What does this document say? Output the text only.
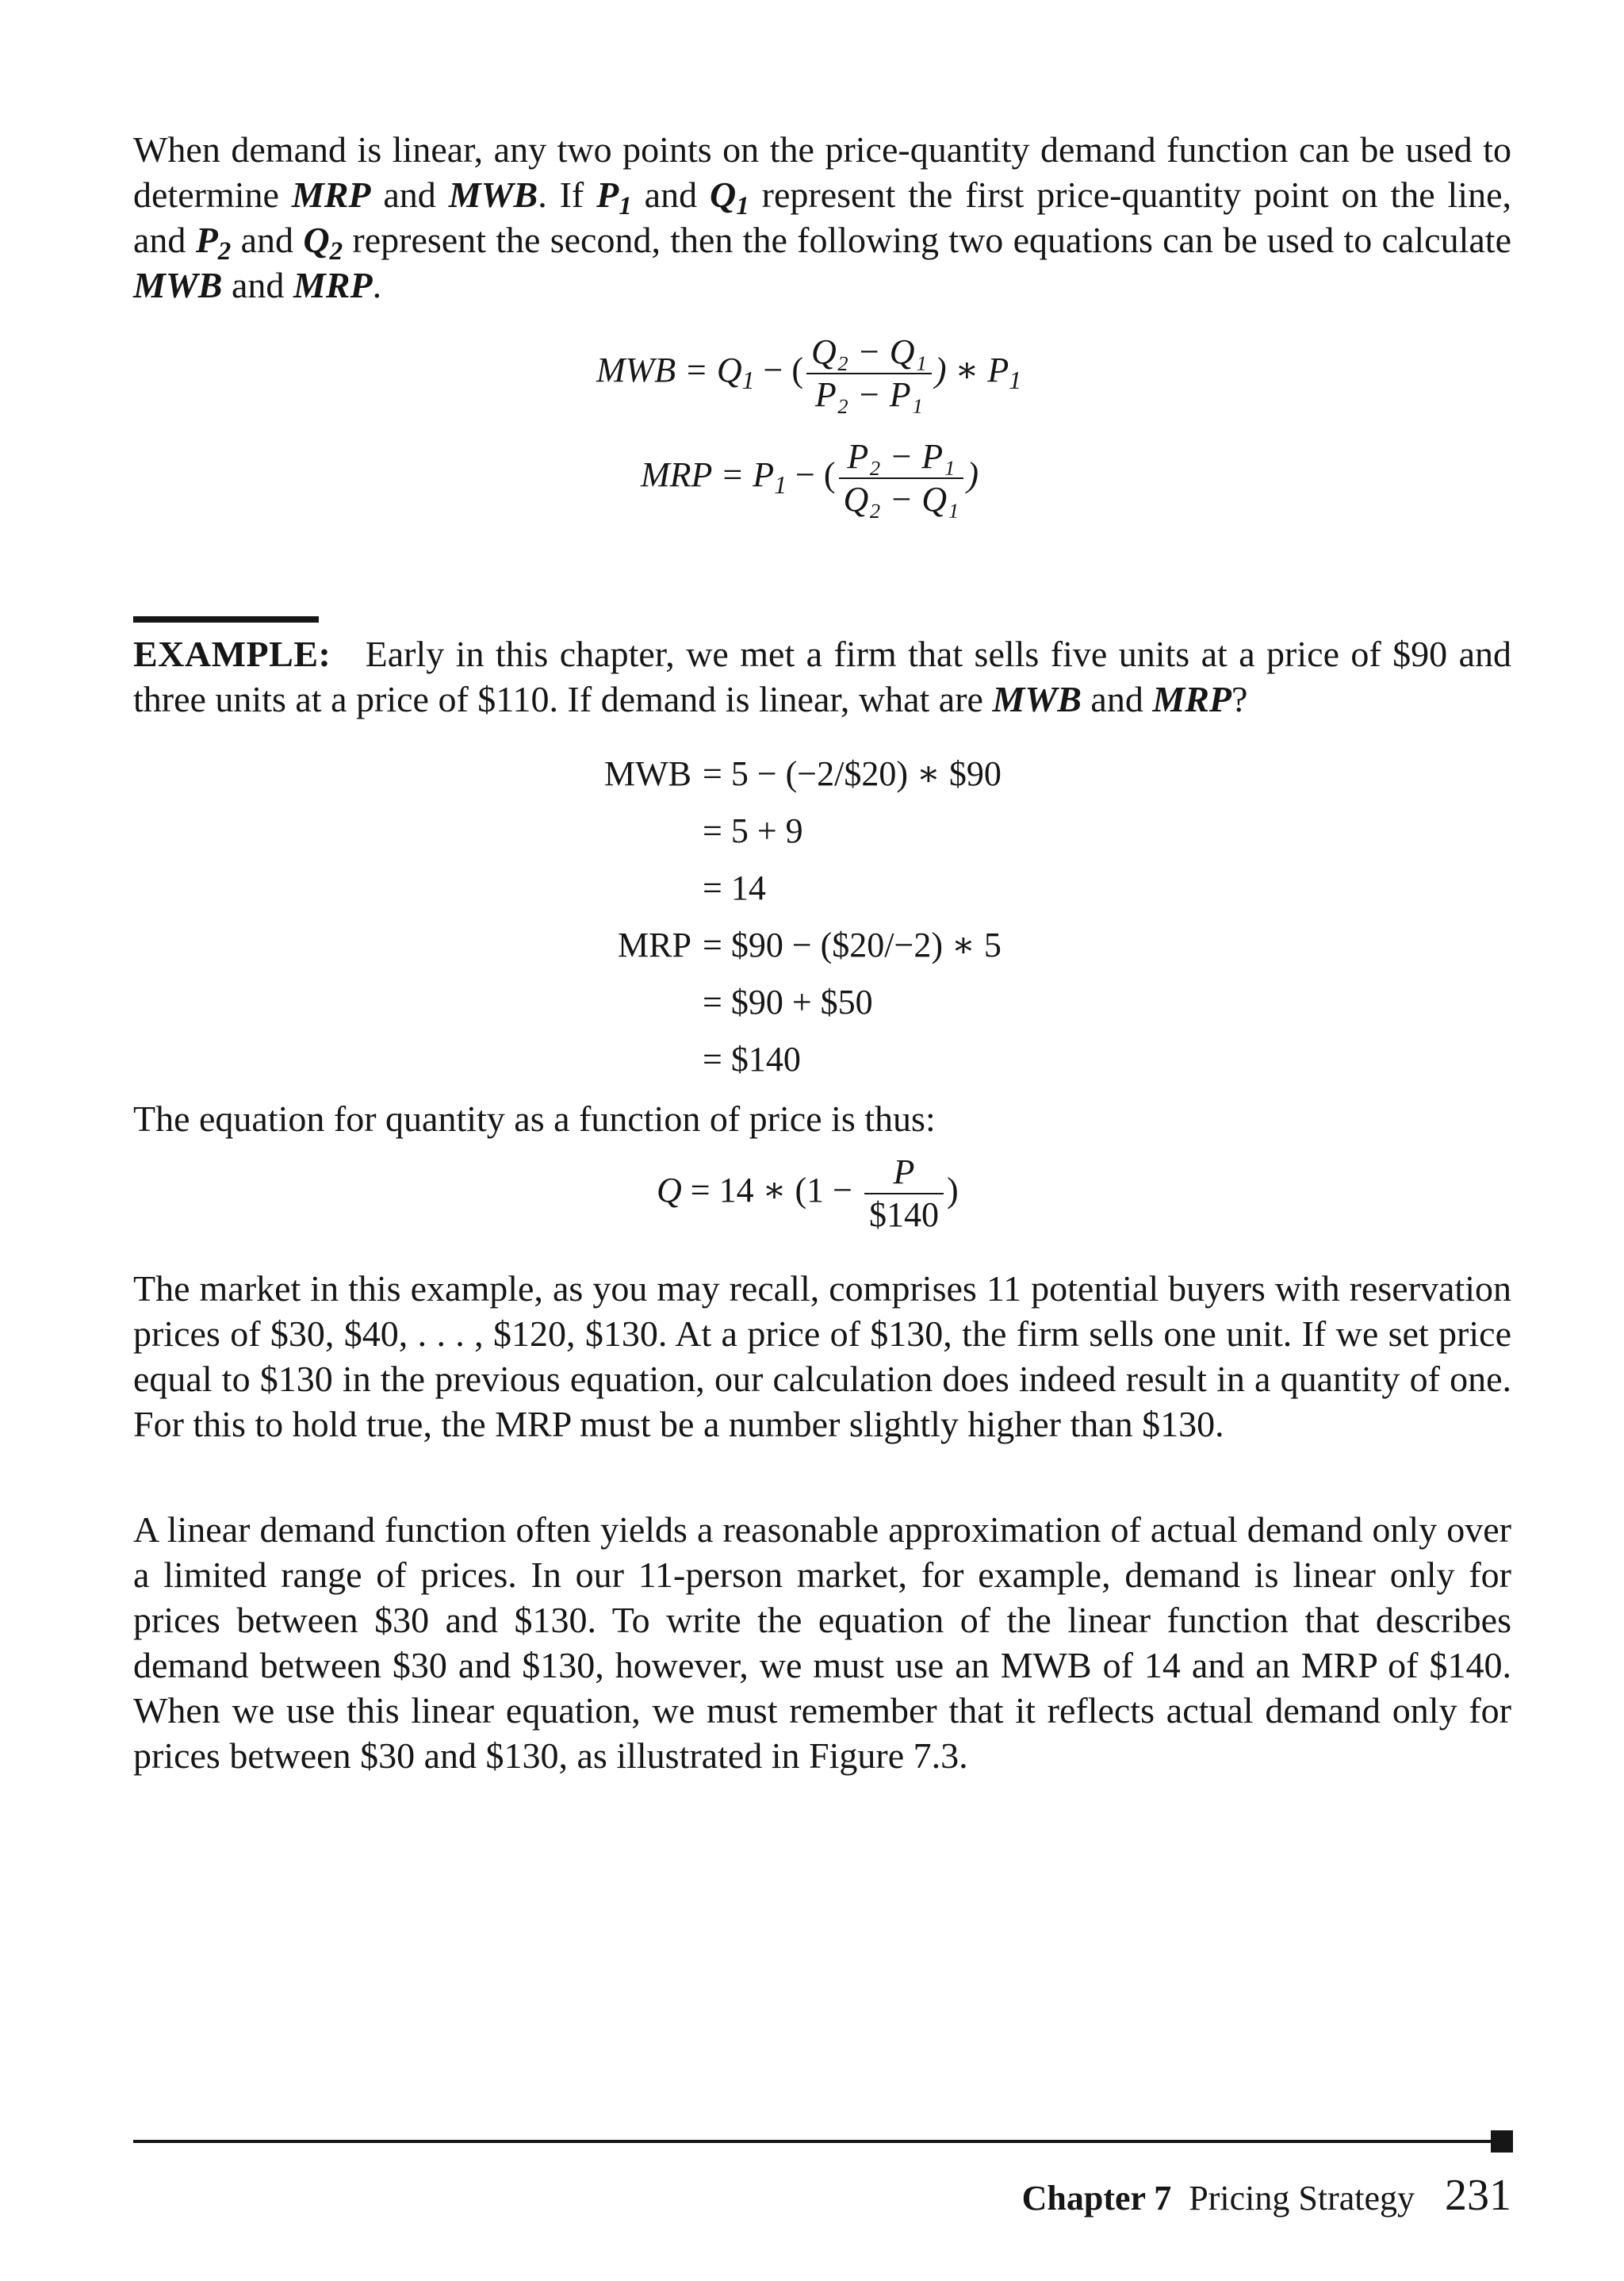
When demand is linear, any two points on the price-quantity demand function can be used to determine MRP and MWB. If $P_1$ and $Q_1$ represent the first price-quantity point on the line, and $P_2$ and $Q_2$ represent the second, then the following two equations can be used to calculate MWB and MRP.

MWB = $Q_1$ − ( $\frac{\text{Q₂ − Q₁}}{\text{P₂ − P₁}}$ ) ∗ $P_1$
MRP = $P_1$ − ( $\frac{\text{P₂ − P₁}}{\text{Q₂ − Q₁}}$ )

EXAMPLE: Early in this chapter, we met a firm that sells five units at a price of $90 and three units at a price of $110. If demand is linear, what are MWB and MRP?

MWB = 5 − (−2/$20) ∗ $90
= 5 + 9
= 14
MRP = $90 − ($20/−2) ∗ 5
= $90 + $50
= $140

The equation for quantity as a function of price is thus:

Q = 14 ∗ ($1 - \frac{P}{\$140}$ )

The market in this example, as you may recall, comprises 11 potential buyers with reservation prices of $30, $40, . . . , $120, $130. At a price of $130, the firm sells one unit. If we set price equal to $130 in the previous equation, our calculation does indeed result in a quantity of one. For this to hold true, the MRP must be a number slightly higher than $130.

A linear demand function often yields a reasonable approximation of actual demand only over a limited range of prices. In our 11-person market, for example, demand is linear only for prices between $30 and $130. To write the equation of the linear function that describes demand between $30 and $130, however, we must use an MWB of 14 and an MRP of $140. When we use this linear equation, we must remember that it reflects actual demand only for prices between $30 and $130, as illustrated in Figure 7.3.

Chapter 7 Pricing Strategy 231
